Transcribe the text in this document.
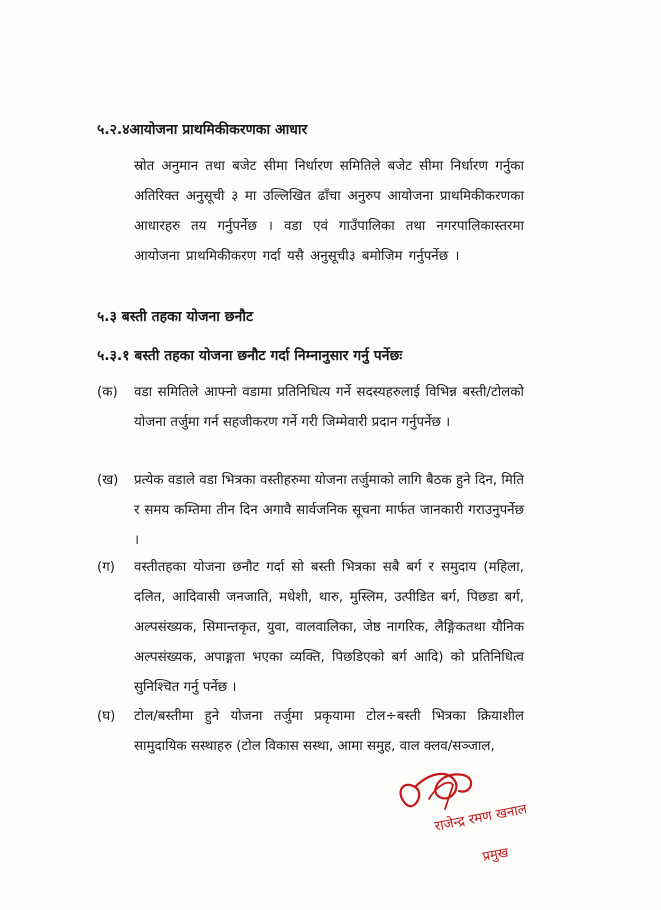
५.२.४आयोजना प्राथमिकीकरणका आधार
स्रोत अनुमान तथा बजेट सीमा निर्धारण समितिले बजेट सीमा निर्धारण गर्नुका अतिरिक्त अनुसूची ३ मा उल्लिखित ढाँचा अनुरुप आयोजना प्राथमिकीकरणका आधारहरु तय गर्नुपर्नेछ । वडा एवं गाउँपालिका तथा नगरपालिकास्तरमा आयोजना प्राथमिकीकरण गर्दा यसै अनुसूची३ बमोजिम गर्नुपर्नेछ ।
५.३ बस्ती तहका योजना छनौट
५.३.१ बस्ती तहका योजना छनौट गर्दा निम्नानुसार गर्नु पर्नेछः
(क) वडा समितिले आफ्नो वडामा प्रतिनिधित्य गर्ने सदस्यहरुलाई विभिन्न बस्ती/टोलको योजना तर्जुमा गर्न सहजीकरण गर्ने गरी जिम्मेवारी प्रदान गर्नुपर्नेछ ।
(ख) प्रत्येक वडाले वडा भित्रका वस्तीहरुमा योजना तर्जुमाको लागि बैठक हुने दिन, मिति र समय कम्तिमा तीन दिन अगावै सार्वजनिक सूचना मार्फत जानकारी गराउनुपर्नेछ ।
(ग) वस्तीतहका योजना छनौट गर्दा सो बस्ती भित्रका सबै बर्ग र समुदाय (महिला, दलित, आदिवासी जनजाति, मधेशी, थारु, मुस्लिम, उत्पीडित बर्ग, पिछडा बर्ग, अल्पसंख्यक, सिमान्तकृत, युवा, वालवालिका, जेष्ठ नागरिक, लैङ्गिकतथा यौनिक अल्पसंख्यक, अपाङ्गता भएका व्यक्ति, पिछडिएको बर्ग आदि) को प्रतिनिधित्व सुनिश्चित गर्नु पर्नेछ ।
(घ) टोल/बस्तीमा हुने योजना तर्जुमा प्रकृयामा टोल÷बस्ती भित्रका क्रियाशील सामुदायिक सस्थाहरु (टोल विकास सस्था, आमा समुह, वाल क्लव/सञ्जाल,
राजेन्द्र रमण खनाल
प्रमुख
